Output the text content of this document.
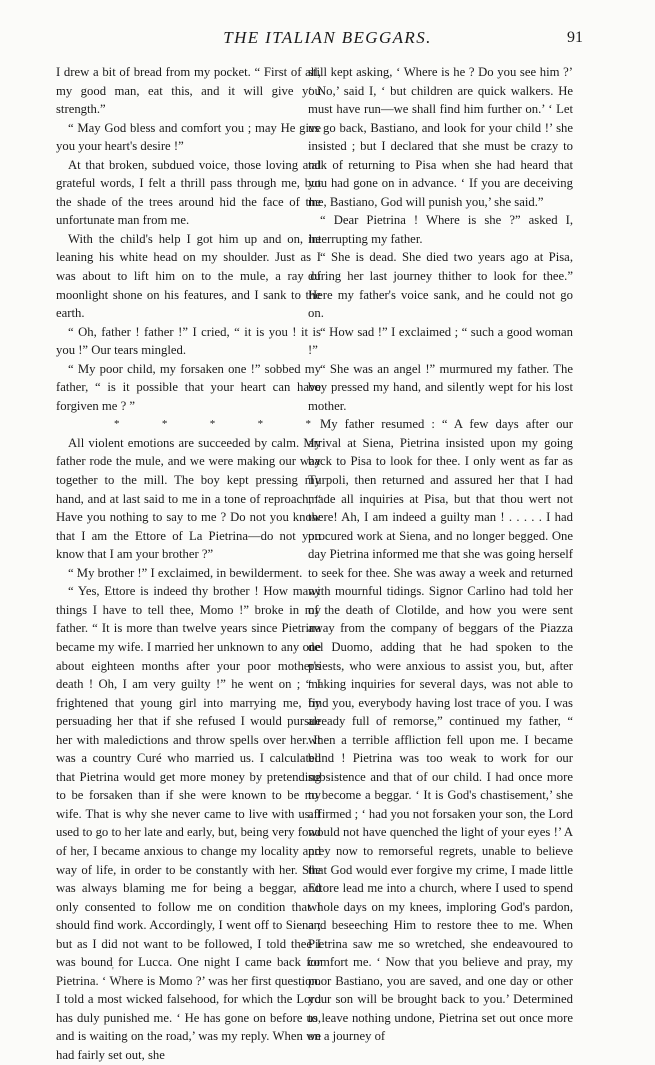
THE ITALIAN BEGGARS.	91

I drew a bit of bread from my pocket. “ First of all, my good man, eat this, and it will give you strength.”

“ May God bless and comfort you ; may He give you your heart's desire !”

At that broken, subdued voice, those loving and grateful words, I felt a thrill pass through me, but the shade of the trees around hid the face of the unfortunate man from me.

With the child's help I got him up and on, he leaning his white head on my shoulder. Just as I was about to lift him on to the mule, a ray of moonlight shone on his features, and I sank to the earth.

“ Oh, father ! father !” I cried, “ it is you ! it is you !” Our tears mingled.

“ My poor child, my forsaken one !” sobbed my father, “ is it possible that your heart can have forgiven me ? ”

*	*	*	*	*

All violent emotions are succeeded by calm. My father rode the mule, and we were making our way together to the mill. The boy kept pressing my hand, and at last said to me in a tone of reproach, “ Have you nothing to say to me ? Do not you know that I am the Ettore of La Pietrina—do not you know that I am your brother ?”

“ My brother !” I exclaimed, in bewilderment.

“ Yes, Ettore is indeed thy brother ! How many things I have to tell thee, Momo !” broke in my father. “ It is more than twelve years since Pietrina became my wife. I married her unknown to any one about eighteen months after your poor mother's death ! Oh, I am very guilty !” he went on ; “ I frightened that young girl into marrying me, by persuading her that if she refused I would pursue her with maledictions and throw spells over her. It was a country Curé who married us. I calculated that Pietrina would get more money by pretending to be forsaken than if she were known to be my wife. That is why she never came to live with us. I used to go to her late and early, but, being very fond of her, I became anxious to change my locality and way of life, in order to be constantly with her. She was always blaming me for being a beggar, and only consented to follow me on condition that I should find work. Accordingly, I went off to Siena ; but as I did not want to be followed, I told thee I was bound for Lucca. One night I came back for Pietrina. ‘ Where is Momo ?’ was her first question. I told a most wicked falsehood, for which the Lord has duly punished me. ‘ He has gone on before us, and is waiting on the road,’ was my reply. When we had fairly set out, she

still kept asking, ‘ Where is he ? Do you see him ?’ ‘ No,’ said I, ‘ but children are quick walkers. He must have run—we shall find him further on.’ ‘ Let us go back, Bastiano, and look for your child !’ she insisted ; but I declared that she must be crazy to talk of returning to Pisa when she had heard that you had gone on in advance. ‘ If you are deceiving me, Bastiano, God will punish you,’ she said.”

“ Dear Pietrina ! Where is she ?” asked I, interrupting my father.

“ She is dead. She died two years ago at Pisa, during her last journey thither to look for thee.” Here my father's voice sank, and he could not go on.

“ How sad !” I exclaimed ; “ such a good woman !”

“ She was an angel !” murmured my father. The boy pressed my hand, and silently wept for his lost mother.

My father resumed : “ A few days after our arrival at Siena, Pietrina insisted upon my going back to Pisa to look for thee. I only went as far as Turpoli, then returned and assured her that I had made all inquiries at Pisa, but that thou wert not there! Ah, I am indeed a guilty man ! . . . . . I had procured work at Siena, and no longer begged. One day Pietrina informed me that she was going herself to seek for thee. She was away a week and returned with mournful tidings. Signor Carlino had told her of the death of Clotilde, and how you were sent away from the company of beggars of the Piazza del Duomo, adding that he had spoken to the priests, who were anxious to assist you, but, after making inquiries for several days, was not able to find you, everybody having lost trace of you. I was already full of remorse,” continued my father, “ when a terrible affliction fell upon me. I became blind ! Pietrina was too weak to work for our subsistence and that of our child. I had once more to become a beggar. ‘ It is God's chastisement,’ she affirmed ; ‘ had you not forsaken your son, the Lord would not have quenched the light of your eyes !’ A prey now to remorseful regrets, unable to believe that God would ever forgive my crime, I made little Ettore lead me into a church, where I used to spend whole days on my knees, imploring God's pardon, and beseeching Him to restore thee to me. When Pietrina saw me so wretched, she endeavoured to comfort me. ‘ Now that you believe and pray, my poor Bastiano, you are saved, and one day or other your son will be brought back to you.’ Determined to leave nothing undone, Pietrina set out once more on a journey of

'
